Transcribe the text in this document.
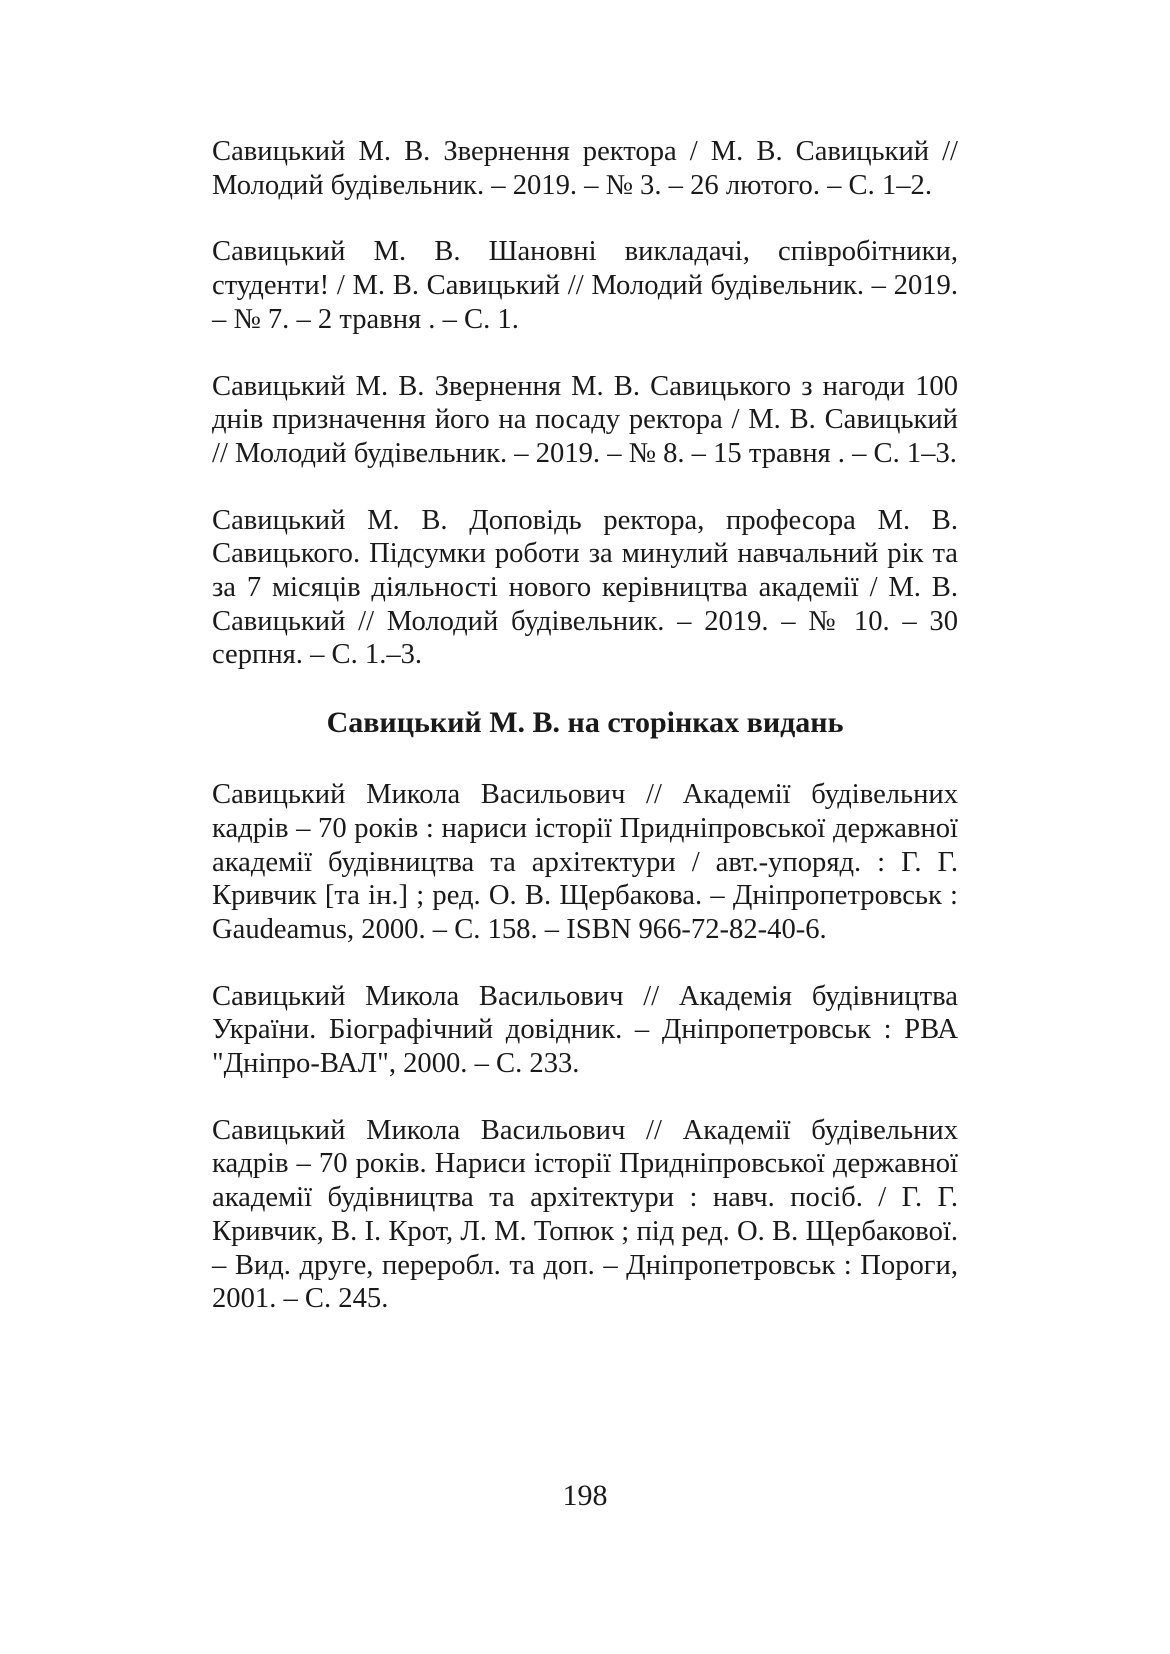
Савицький М. В. Звернення ректора / М. В. Савицький // Молодий будівельник. – 2019. – № 3. – 26 лютого. – С. 1–2.

Савицький М. В. Шановні викладачі, співробітники, студенти! / М. В. Савицький // Молодий будівельник. – 2019. – № 7. – 2 травня . – С. 1.

Савицький М. В. Звернення М. В. Савицького з нагоди 100 днів призначення його на посаду ректора / М. В. Савицький // Молодий будівельник. – 2019. – № 8. – 15 травня . – С. 1–3.

Савицький М. В. Доповідь ректора, професора М. В. Савицького. Підсумки роботи за минулий навчальний рік та за 7 місяців діяльності нового керівництва академії / М. В. Савицький // Молодий будівельник. – 2019. – № 10. – 30 серпня. – С. 1.–3.

Савицький М. В. на сторінках видань

Савицький Микола Васильович // Академії будівельних кадрів – 70 років : нариси історії Придніпровської державної академії будівництва та архітектури / авт.-упоряд. : Г. Г. Кривчик [та ін.] ; ред. О. В. Щербакова. – Дніпропетровськ : Gaudeamus, 2000. – С. 158. – ISBN 966-72-82-40-6.

Савицький Микола Васильович // Академія будівництва України. Біографічний довідник. – Дніпропетровськ : РВА "Дніпро-ВАЛ", 2000. – С. 233.

Савицький Микола Васильович // Академії будівельних кадрів – 70 років. Нариси історії Придніпровської державної академії будівництва та архітектури : навч. посіб. / Г. Г. Кривчик, В. І. Крот, Л. М. Топюк ; під ред. О. В. Щербакової. – Вид. друге, переробл. та доп. – Дніпропетровськ : Пороги, 2001. – С. 245.

198
